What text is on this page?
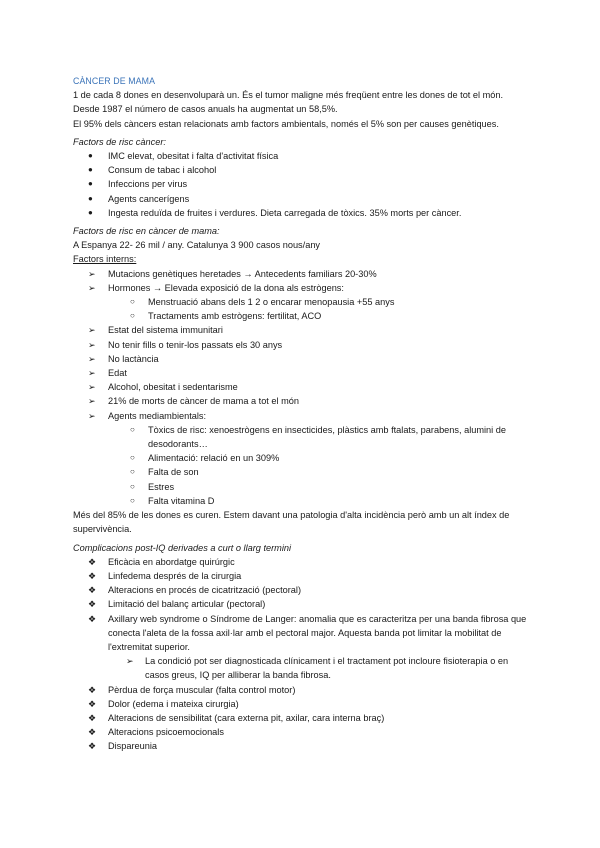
CÀNCER DE MAMA

1 de cada 8 dones en desenvoluparà un. És el tumor maligne més freqüent entre les dones de tot el món.

Desde 1987 el número de casos anuals ha augmentat un 58,5%.

El 95% dels càncers estan relacionats amb factors ambientals, només el 5% son per causes genètiques.

Factors de risc càncer:
● IMC elevat, obesitat i falta d'activitat física
● Consum de tabac i alcohol
● Infeccions per virus
● Agents cancerígens
● Ingesta reduïda de fruites i verdures. Dieta carregada de tòxics. 35% morts per càncer.
Factors de risc en càncer de mama:

A Espanya 22- 26 mil / any. Catalunya 3 900 casos nous/any

Factors interns:

➢ Mutacions genètiques heretades → Antecedents familiars 20-30%
➢ Hormones → Elevada exposició de la dona als estrògens:
○ Menstruació abans dels 1 2 o encarar menopausia +55 anys
○ Tractaments amb estrògens: fertilitat, ACO
➢ Estat del sistema immunitari
➢ No tenir fills o tenir-los passats els 30 anys
➢ No lactància
➢ Edat
➢ Alcohol, obesitat i sedentarisme
➢ 21% de morts de càncer de mama a tot el món
➢ Agents mediambientals:
○ Tòxics de risc: xenoestrògens en insecticides, plàstics amb ftalats, parabens, alumini de desodorants…
○ Alimentació: relació en un 309%
○ Falta de son
○ Estres
○ Falta vitamina D

Més del 85% de les dones es curen. Estem davant una patologia d'alta incidència però amb un alt índex de supervivència.

Complicacions post-IQ derivades a curt o llarg termini
❖ Eficàcia en abordatge quirúrgic
❖ Linfedema després de la cirurgia
❖ Alteracions en procés de cicatrització (pectoral)
❖ Limitació del balanç articular (pectoral)
❖ Axillary web syndrome o Síndrome de Langer: anomalia que es caracteritza per una banda fibrosa que conecta l'aleta de la fossa axil·lar amb el pectoral major. Aquesta banda pot limitar la mobilitat de l'extremitat superior.
➢ La condició pot ser diagnosticada clínicament i el tractament pot incloure fisioterapia o en casos greus, IQ per alliberar la banda fibrosa.
❖ Pèrdua de força muscular (falta control motor)
❖ Dolor (edema i mateixa cirurgia)
❖ Alteracions de sensibilitat (cara externa pit, axilar, cara interna braç)
❖ Alteracions psicoemocionals
❖ Dispareunia
